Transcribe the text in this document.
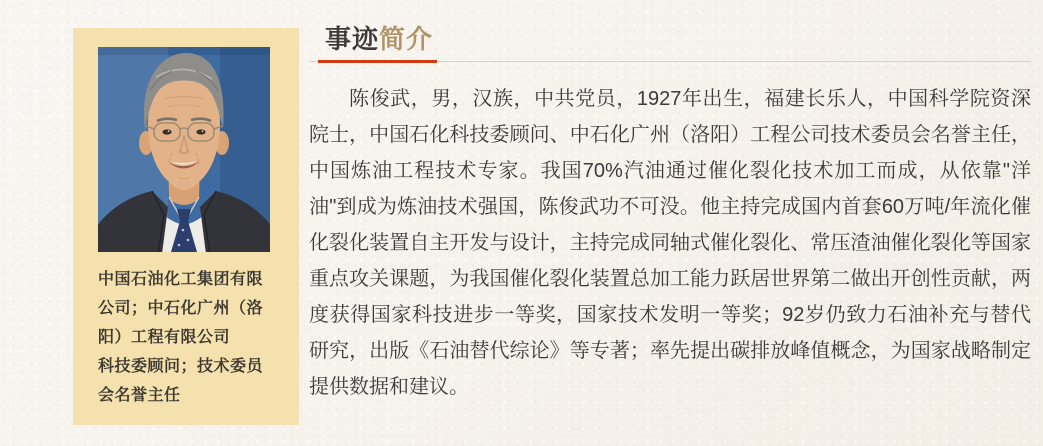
中国石油化工集团有限公司；中石化广州（洛阳）工程有限公司

科技委顾问；技术委员会名誉主任

事迹简介

陈俊武，男，汉族，中共党员，1927年出生，福建长乐人，中国科学院资深院士，中国石化科技委顾问、中石化广州（洛阳）工程公司技术委员会名誉主任，中国炼油工程技术专家。我国70%汽油通过催化裂化技术加工而成，从依靠"洋油"到成为炼油技术强国，陈俊武功不可没。他主持完成国内首套60万吨/年流化催化裂化装置自主开发与设计，主持完成同轴式催化裂化、常压渣油催化裂化等国家重点攻关课题，为我国催化裂化装置总加工能力跃居世界第二做出开创性贡献，两度获得国家科技进步一等奖，国家技术发明一等奖；92岁仍致力石油补充与替代研究，出版《石油替代综论》等专著；率先提出碳排放峰值概念，为国家战略制定提供数据和建议。
